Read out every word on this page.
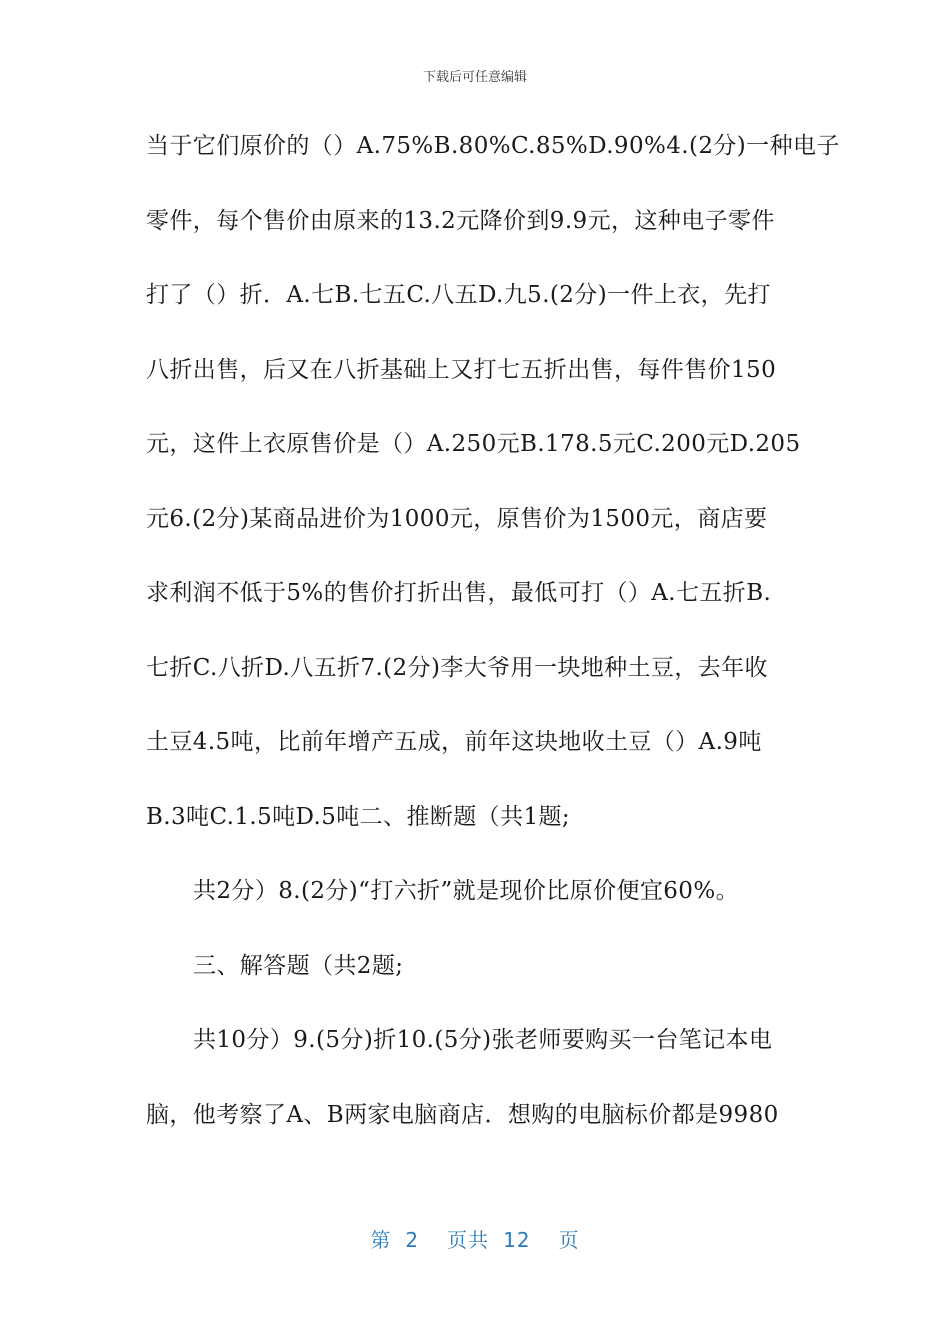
下载后可任意编辑
当于它们原价的（）A.75%B.80%C.85%D.90%4.(2分)一种电子
零件，每个售价由原来的13.2元降价到9.9元，这种电子零件
打了（）折．A.七B.七五C.八五D.九5.(2分)一件上衣，先打
八折出售，后又在八折基础上又打七五折出售，每件售价150
元，这件上衣原售价是（）A.250元B.178.5元C.200元D.205
元6.(2分)某商品进价为1000元，原售价为1500元，商店要
求利润不低于5%的售价打折出售，最低可打（）A.七五折B.
七折C.八折D.八五折7.(2分)李大爷用一块地种土豆，去年收
土豆4.5吨，比前年增产五成，前年这块地收土豆（）A.9吨
B.3吨C.1.5吨D.5吨二、推断题（共1题;
共2分）8.(2分)“打六折”就是现价比原价便宜60%。
三、解答题（共2题;
共10分）9.(5分)折10.(5分)张老师要购买一台笔记本电
脑，他考察了A、B两家电脑商店．想购的电脑标价都是9980
第 2 页共 12 页
